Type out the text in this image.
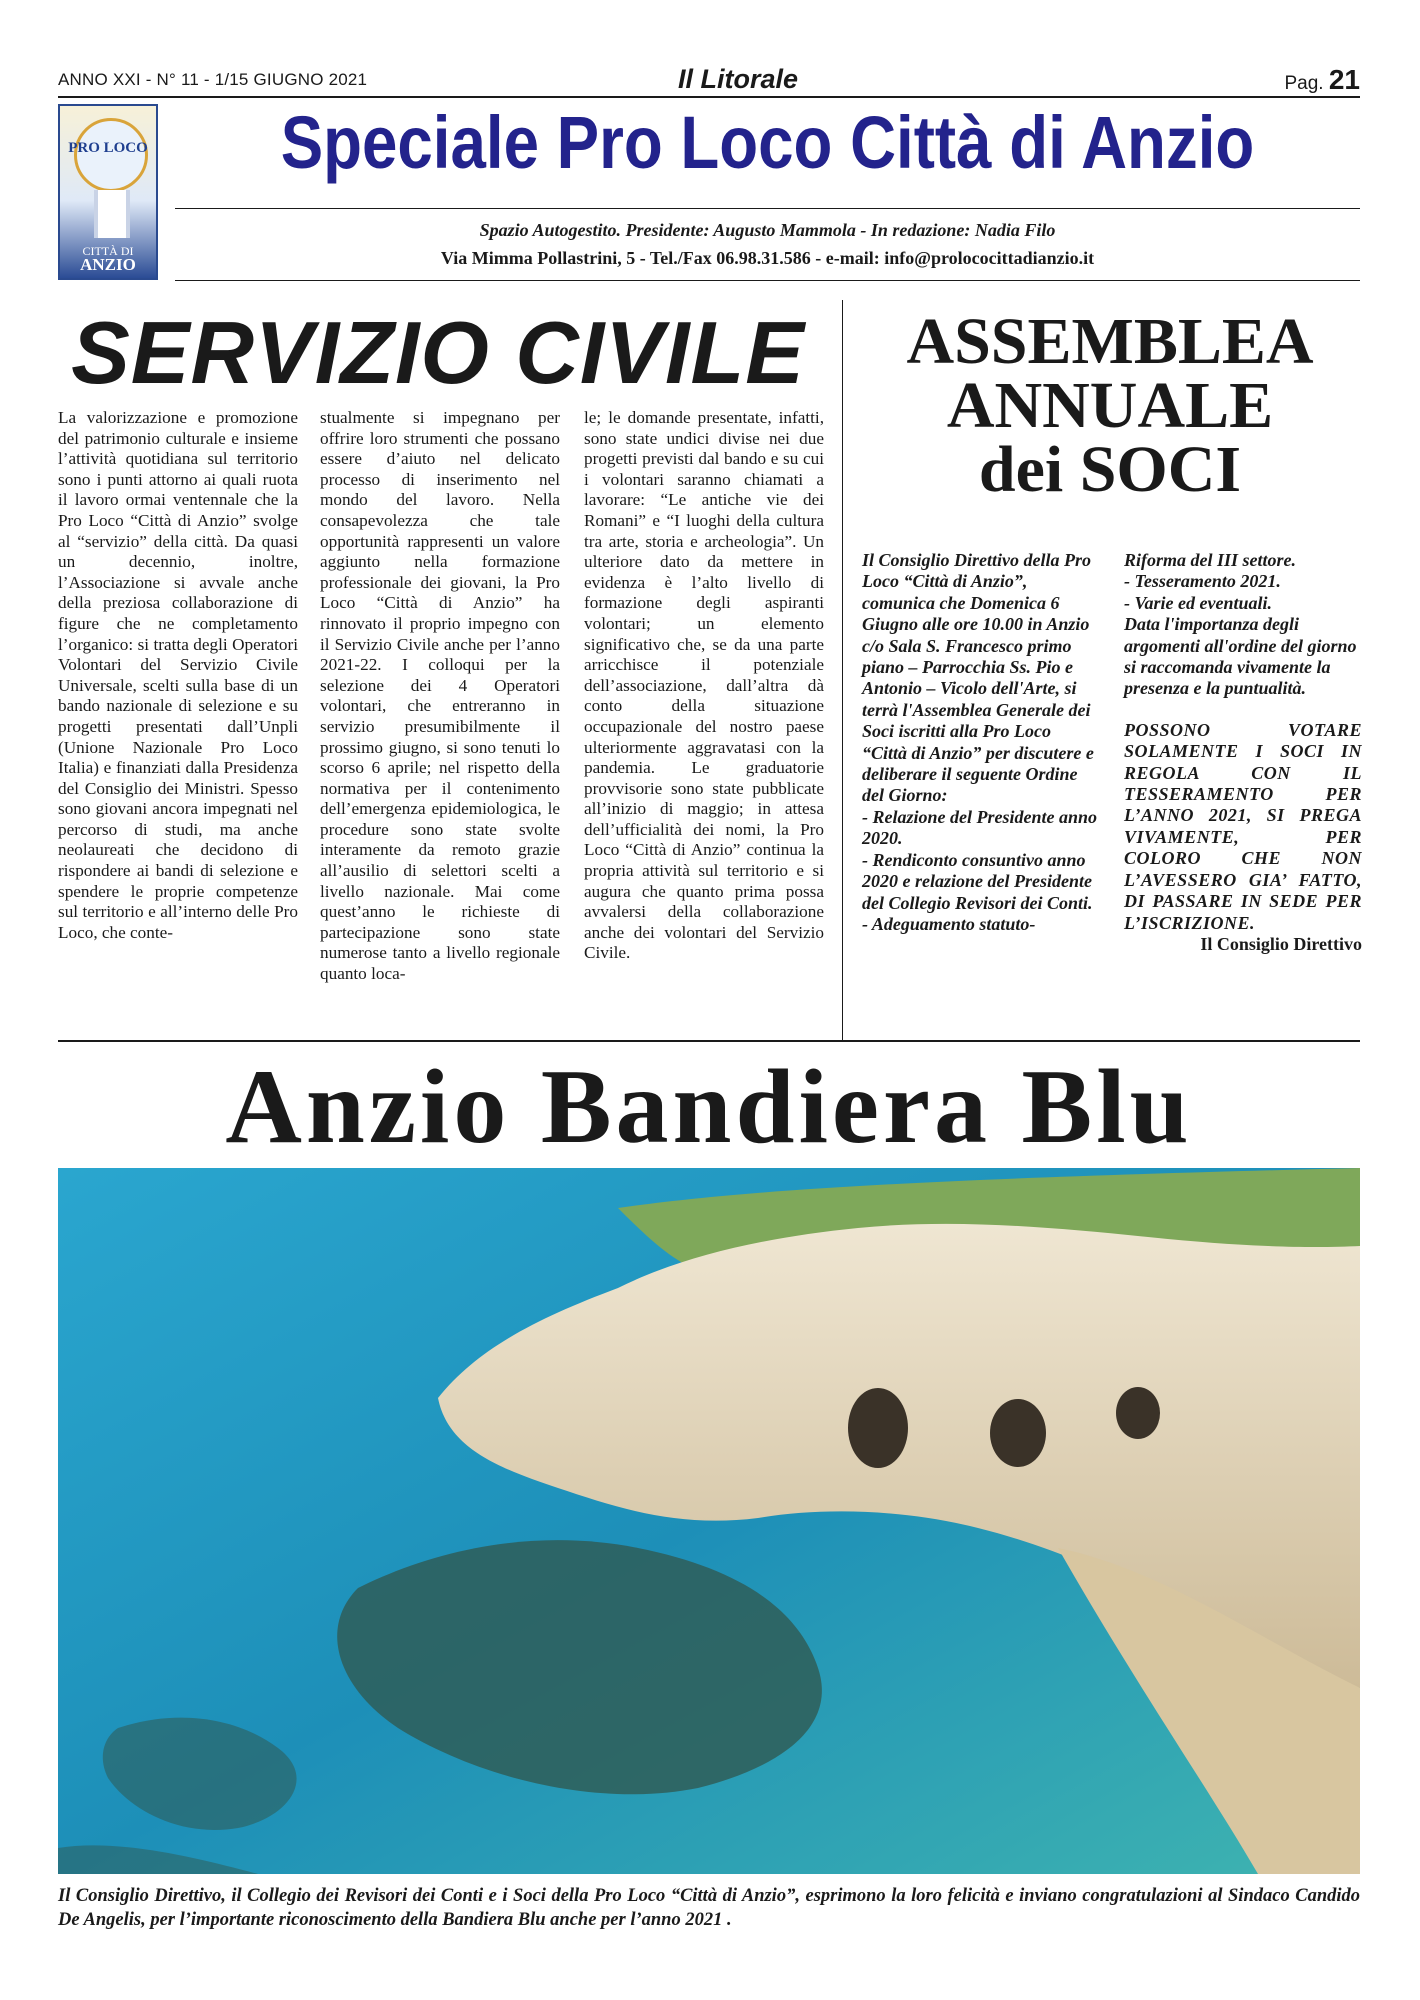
ANNO XXI - N° 11 - 1/15 GIUGNO 2021	Il Litorale	Pag. 21
PRO LOCO
CITTÀ DI
ANZIO
Speciale Pro Loco Città di Anzio
Spazio Autogestito. Presidente: Augusto Mammola - In redazione: Nadia Filo
Via Mimma Pollastrini, 5 - Tel./Fax 06.98.31.586 - e-mail: info@prolococittadianzio.it
SERVIZIO CIVILE
La valorizzazione e promozione del patrimonio culturale e insieme l’attività quotidiana sul territorio sono i punti attorno ai quali ruota il lavoro ormai ventennale che la Pro Loco “Città di Anzio” svolge al “servizio” della città. Da quasi un decennio, inoltre, l’Associazione si avvale anche della preziosa collaborazione di figure che ne completamento l’organico: si tratta degli Operatori Volontari del Servizio Civile Universale, scelti sulla base di un bando nazionale di selezione e su progetti presentati dall’Unpli (Unione Nazionale Pro Loco Italia) e finanziati dalla Presidenza del Consiglio dei Ministri. Spesso sono giovani ancora impegnati nel percorso di studi, ma anche neolaureati che decidono di rispondere ai bandi di selezione e spendere le proprie competenze sul territorio e all’interno delle Pro Loco, che conte-
stualmente si impegnano per offrire loro strumenti che possano essere d’aiuto nel delicato processo di inserimento nel mondo del lavoro. Nella consapevolezza che tale opportunità rappresenti un valore aggiunto nella formazione professionale dei giovani, la Pro Loco “Città di Anzio” ha rinnovato il proprio impegno con il Servizio Civile anche per l’anno 2021-22. I colloqui per la selezione dei 4 Operatori volontari, che entreranno in servizio presumibilmente il prossimo giugno, si sono tenuti lo scorso 6 aprile; nel rispetto della normativa per il contenimento dell’emergenza epidemiologica, le procedure sono state svolte interamente da remoto grazie all’ausilio di selettori scelti a livello nazionale. Mai come quest’anno le richieste di partecipazione sono state numerose tanto a livello regionale quanto loca-
le; le domande presentate, infatti, sono state undici divise nei due progetti previsti dal bando e su cui i volontari saranno chiamati a lavorare: “Le antiche vie dei Romani” e “I luoghi della cultura tra arte, storia e archeologia”. Un ulteriore dato da mettere in evidenza è l’alto livello di formazione degli aspiranti volontari; un elemento significativo che, se da una parte arricchisce il potenziale dell’associazione, dall’altra dà conto della situazione occupazionale del nostro paese ulteriormente aggravatasi con la pandemia. Le graduatorie provvisorie sono state pubblicate all’inizio di maggio; in attesa dell’ufficialità dei nomi, la Pro Loco “Città di Anzio” continua la propria attività sul territorio e si augura che quanto prima possa avvalersi della collaborazione anche dei volontari del Servizio Civile.
ASSEMBLEA
ANNUALE
dei SOCI

Il Consiglio Direttivo della Pro Loco “Città di Anzio”, comunica che Domenica 6 Giugno alle ore 10.00 in Anzio c/o Sala S. Francesco primo piano – Parrocchia Ss. Pio e Antonio – Vicolo dell'Arte, si terrà l'Assemblea Generale dei Soci iscritti alla Pro Loco “Città di Anzio” per discutere e deliberare il seguente Ordine del Giorno:

- Relazione del Presidente anno 2020.

- Rendiconto consuntivo anno 2020 e relazione del Presidente del Collegio Revisori dei Conti.

- Adeguamento statuto-

Riforma del III settore.

- Tesseramento 2021.

- Varie ed eventuali.

Data l'importanza degli argomenti all'ordine del giorno si raccomanda vivamente la presenza e la puntualità.

POSSONO VOTARE SOLAMENTE I SOCI IN REGOLA CON IL TESSERAMENTO PER L’ANNO 2021, SI PREGA VIVAMENTE, PER COLORO CHE NON L’AVESSERO GIA’ FATTO, DI PASSARE IN SEDE PER L’ISCRIZIONE.

Il Consiglio Direttivo

Anzio Bandiera Blu
Il Consiglio Direttivo, il Collegio dei Revisori dei Conti e i Soci della Pro Loco “Città di Anzio”, esprimono la loro felicità e inviano congratulazioni al Sindaco Candido De Angelis, per l’importante riconoscimento della Bandiera Blu anche per l’anno 2021 .
